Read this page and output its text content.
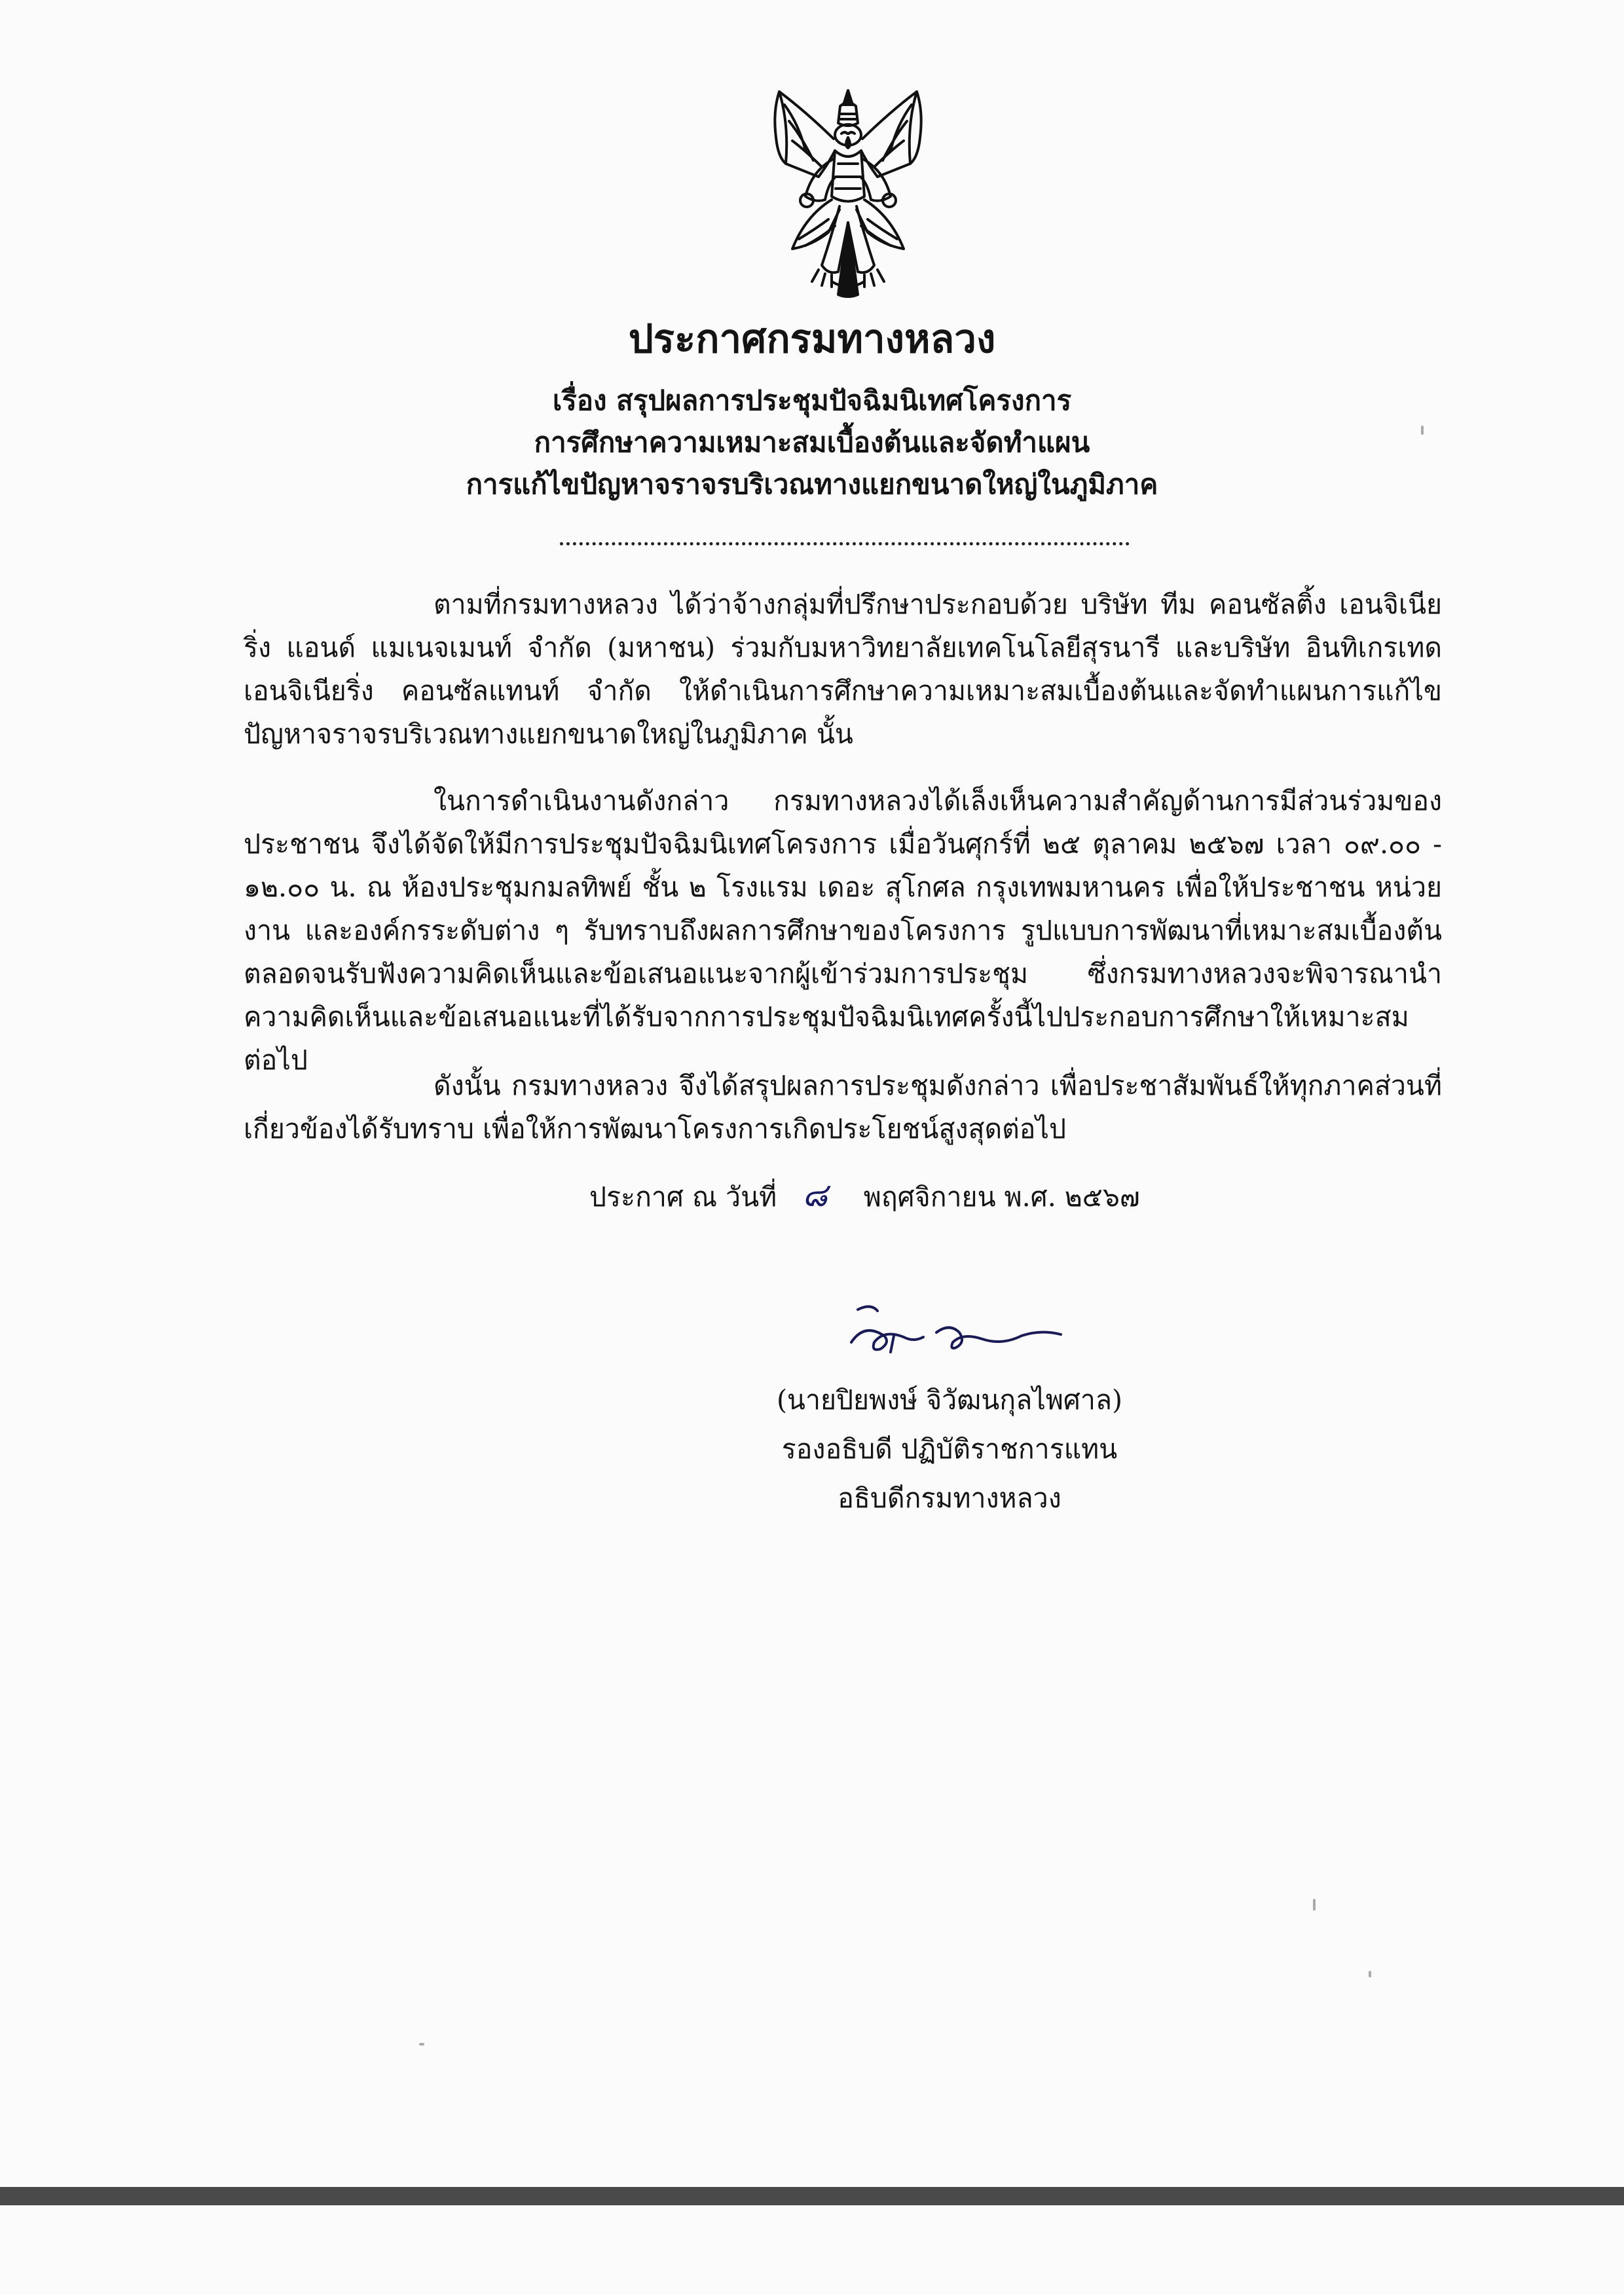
ประกาศกรมทางหลวง
เรื่อง สรุปผลการประชุมปัจฉิมนิเทศโครงการ
การศึกษาความเหมาะสมเบื้องต้นและจัดทำแผน
การแก้ไขปัญหาจราจรบริเวณทางแยกขนาดใหญ่ในภูมิภาค

ตามที่กรมทางหลวง ได้ว่าจ้างกลุ่มที่ปรึกษาประกอบด้วย บริษัท ทีม คอนซัลติ้ง เอนจิเนียริ่ง แอนด์ แมเนจเมนท์ จำกัด (มหาชน) ร่วมกับมหาวิทยาลัยเทคโนโลยีสุรนารี และบริษัท อินทิเกรเทด เอนจิเนียริ่ง คอนซัลแทนท์ จำกัด ให้ดำเนินการศึกษาความเหมาะสมเบื้องต้นและจัดทำแผนการแก้ไขปัญหาจราจรบริเวณทางแยกขนาดใหญ่ในภูมิภาค นั้น

ในการดำเนินงานดังกล่าว กรมทางหลวงได้เล็งเห็นความสำคัญด้านการมีส่วนร่วมของประชาชน จึงได้จัดให้มีการประชุมปัจฉิมนิเทศโครงการ เมื่อวันศุกร์ที่ ๒๕ ตุลาคม ๒๕๖๗ เวลา ๐๙.๐๐ - ๑๒.๐๐ น. ณ ห้องประชุมกมลทิพย์ ชั้น ๒ โรงแรม เดอะ สุโกศล กรุงเทพมหานคร เพื่อให้ประชาชน หน่วยงาน และองค์กรระดับต่าง ๆ รับทราบถึงผลการศึกษาของโครงการ รูปแบบการพัฒนาที่เหมาะสมเบื้องต้น ตลอดจนรับฟังความคิดเห็นและข้อเสนอแนะจากผู้เข้าร่วมการประชุม ซึ่งกรมทางหลวงจะพิจารณานำความคิดเห็นและข้อเสนอแนะที่ได้รับจากการประชุมปัจฉิมนิเทศครั้งนี้ไปประกอบการศึกษาให้เหมาะสมต่อไป

ดังนั้น กรมทางหลวง จึงได้สรุปผลการประชุมดังกล่าว เพื่อประชาสัมพันธ์ให้ทุกภาคส่วนที่เกี่ยวข้องได้รับทราบ เพื่อให้การพัฒนาโครงการเกิดประโยชน์สูงสุดต่อไป

ประกาศ ณ วันที่ ๘ พฤศจิกายน พ.ศ. ๒๕๖๗
(นายปิยพงษ์ จิวัฒนกุลไพศาล)
รองอธิบดี ปฏิบัติราชการแทน
อธิบดีกรมทางหลวง
